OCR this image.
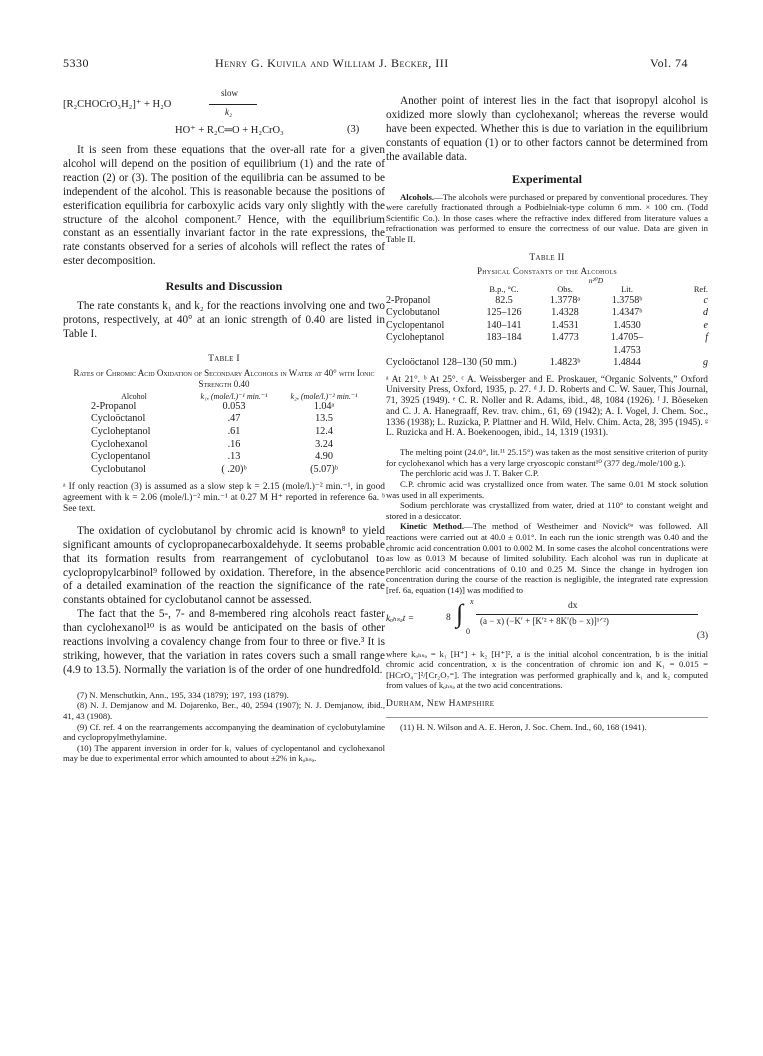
5330	Henry G. Kuivila and William J. Becker, III	Vol. 74
[R₂CHOCrO₃H₂]⁺ + H₂O
slow
k₂
HO⁺ + R₂C═O + H₂CrO₃	(3)

It is seen from these equations that the over-all rate for a given alcohol will depend on the position of equilibrium (1) and the rate of reaction (2) or (3). The position of the equilibria can be assumed to be independent of the alcohol. This is reasonable because the positions of esterification equilibria for carboxylic acids vary only slightly with the structure of the alcohol component.⁷ Hence, with the equilibrium constant as an essentially invariant factor in the rate expressions, the rate constants observed for a series of alcohols will reflect the rates of ester decomposition.

Results and Discussion

The rate constants k₁ and k₂ for the reactions involving one and two protons, respectively, at 40° at an ionic strength of 0.40 are listed in Table I.

Table I
Rates of Chromic Acid Oxidation of Secondary Alcohols in Water at 40° with Ionic Strength 0.40
Alcohol	k₁, (mole/l.)⁻¹ min.⁻¹	k₂, (mole/l.)⁻² min.⁻¹
2-Propanol	0.053	1.04ᵃ
Cycloöctanol	.47	13.5
Cycloheptanol	.61	12.4
Cyclohexanol	.16	3.24
Cyclopentanol	.13	4.90
Cyclobutanol	( .20)ᵇ	(5.07)ᵇ

ᵃ If only reaction (3) is assumed as a slow step k = 2.15 (mole/l.)⁻² min.⁻¹, in good agreement with k = 2.06 (mole/l.)⁻² min.⁻¹ at 0.27 M H⁺ reported in reference 6a. ᵇ See text.

The oxidation of cyclobutanol by chromic acid is known⁸ to yield significant amounts of cyclopropanecarboxaldehyde. It seems probable that its formation results from rearrangement of cyclobutanol to cyclopropylcarbinol⁹ followed by oxidation. Therefore, in the absence of a detailed examination of the reaction the significance of the rate constants obtained for cyclobutanol cannot be assessed.

The fact that the 5-, 7- and 8-membered ring alcohols react faster than cyclohexanol¹⁰ is as would be anticipated on the basis of other reactions involving a covalency change from four to three or five.³ It is striking, however, that the variation in rates covers such a small range (4.9 to 13.5). Normally the variation is of the order of one hundredfold.

(7) N. Menschutkin, Ann., 195, 334 (1879); 197, 193 (1879).

(8) N. J. Demjanow and M. Dojarenko, Ber., 40, 2594 (1907); N. J. Demjanow, ibid., 41, 43 (1908).

(9) Cf. ref. 4 on the rearrangements accompanying the deamination of cyclobutylamine and cyclopropylmethylamine.

(10) The apparent inversion in order for k₁ values of cyclopentanol and cyclohexanol may be due to experimental error which amounted to about ±2% in kₒₕₛₔ.

Another point of interest lies in the fact that isopropyl alcohol is oxidized more slowly than cyclohexanol; whereas the reverse would have been expected. Whether this is due to variation in the equilibrium constants of equation (1) or to other factors cannot be determined from the available data.

Experimental

Alcohols.—The alcohols were purchased or prepared by conventional procedures. They were carefully fractionated through a Podbielniak-type column 6 mm. × 100 cm. (Todd Scientific Co.). In those cases where the refractive index differed from literature values a refractionation was performed to ensure the correctness of our value. Data are given in Table II.

Table II
Physical Constants of the Alcohols
		n²⁰D		
	B.p., °C.	Obs.	Lit.	Ref.
2-Propanol	82.5	1.3778ᵃ	1.3758ᵇ	c
Cyclobutanol	125–126	1.4328	1.4347ᵇ	d
Cyclopentanol	140–141	1.4531	1.4530	e
Cycloheptanol	183–184	1.4773	1.4705–	f
			1.4753	
Cycloöctanol 128–130 (50 mm.)		1.4823ᵇ	1.4844	g

ᵃ At 21°. ᵇ At 25°. ᶜ A. Weissberger and E. Proskauer, “Organic Solvents,” Oxford University Press, Oxford, 1935, p. 27. ᵈ J. D. Roberts and C. W. Sauer, This Journal, 71, 3925 (1949). ᵉ C. R. Noller and R. Adams, ibid., 48, 1084 (1926). ᶠ J. Böeseken and C. J. A. Hanegraaff, Rev. trav. chim., 61, 69 (1942); A. I. Vogel, J. Chem. Soc., 1336 (1938); L. Ruzicka, P. Plattner and H. Wild, Helv. Chim. Acta, 28, 395 (1945). ᵍ L. Ruzicka and H. A. Boekenoogen, ibid., 14, 1319 (1931).

The melting point (24.0°, lit.¹¹ 25.15°) was taken as the most sensitive criterion of purity for cyclohexanol which has a very large cryoscopic constant¹⁰ (377 deg./mole/100 g.).

The perchloric acid was J. T. Baker C.P.

C.P. chromic acid was crystallized once from water. The same 0.01 M stock solution was used in all experiments.

Sodium perchlorate was crystallized from water, dried at 110° to constant weight and stored in a desiccator.

Kinetic Method.—The method of Westheimer and Novick⁶ᵃ was followed. All reactions were carried out at 40.0 ± 0.01°. In each run the ionic strength was 0.40 and the chromic acid concentration 0.001 to 0.002 M. In some cases the alcohol concentrations were as low as 0.013 M because of limited solubility. Each alcohol was run in duplicate at perchloric acid concentrations of 0.10 and 0.25 M. Since the change in hydrogen ion concentration during the course of the reaction is negligible, the integrated rate expression [ref. 6a, equation (14)] was modified to

kₒₕₛₔt =	8 ∫ x
0
dx
(a − x) (−K′ + [K′² + 8K′(b − x)]¹ᐟ²)
(3)

where kₒₕₛₔ = k₁ [H⁺] + k₂ [H⁺]², a is the initial alcohol concentration, b is the initial chromic acid concentration, x is the concentration of chromic ion and K₁ = 0.015 = [HCrO₄⁻]²/[Cr₂O₇⁼]. The integration was performed graphically and k₁ and k₂ computed from values of kₒₕₛₔ at the two acid concentrations.

Durham, New Hampshire

(11) H. N. Wilson and A. E. Heron, J. Soc. Chem. Ind., 60, 168 (1941).
